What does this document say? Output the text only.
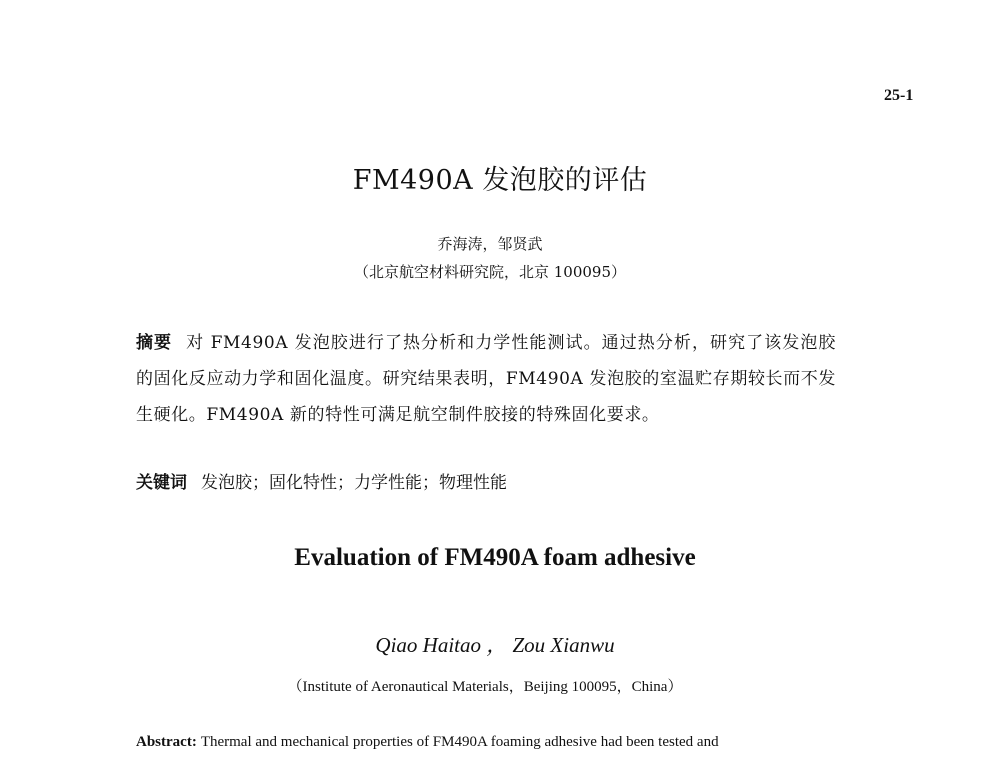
25-1
FM490A 发泡胶的评估
乔海涛，邹贤武
（北京航空材料研究院，北京 100095）
摘要 对 FM490A 发泡胶进行了热分析和力学性能测试。通过热分析，研究了该发泡胶的固化反应动力学和固化温度。研究结果表明，FM490A 发泡胶的室温贮存期较长而不发生硬化。FM490A 新的特性可满足航空制件胶接的特殊固化要求。
关键词 发泡胶；固化特性；力学性能；物理性能
Evaluation of FM490A foam adhesive
Qiao Haitao ， Zou Xianwu
（Institute of Aeronautical Materials，Beijing 100095，China）
Abstract: Thermal and mechanical properties of FM490A foaming adhesive had been tested and
